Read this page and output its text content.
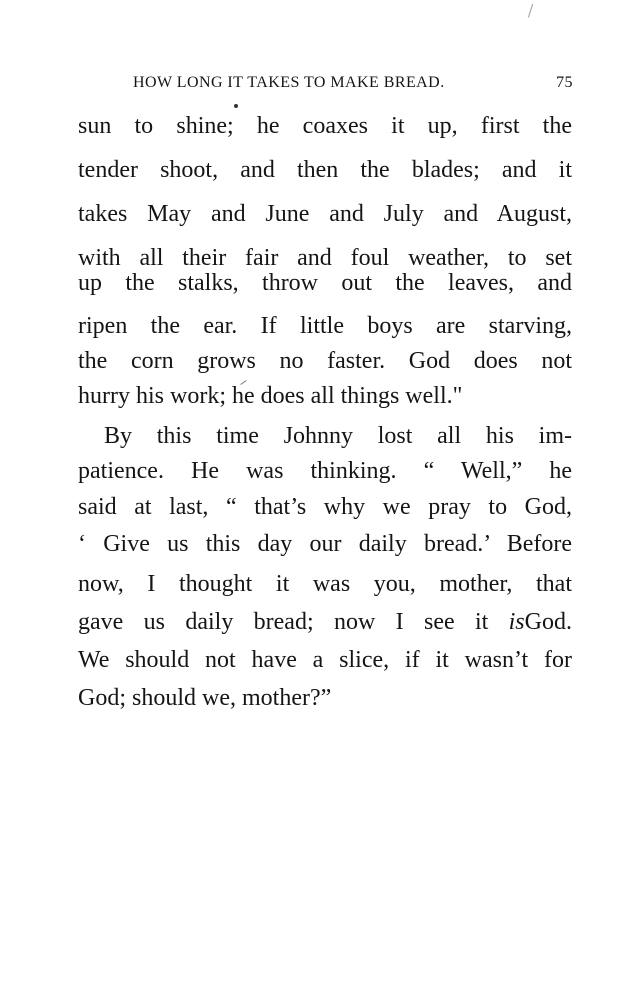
HOW LONG IT TAKES TO MAKE BREAD.	75
sun to shine; he coaxes it up, first the
tender shoot, and then the blades; and it
takes May and June and July and August,
with all their fair and foul weather, to set
up the stalks, throw out the leaves, and
ripen the ear. If little boys are starving,
the corn grows no faster. God does not
hurry his work; he does all things well."
By this time Johnny lost all his im-
patience. He was thinking. “ Well,” he
said at last, “ that’s why we pray to God,
‘ Give us this day our daily bread.’ Before
now, I thought it was you, mother, that
gave us daily bread; now I see it isGod.
We should not have a slice, if it wasn’t for
God; should we, mother?”
